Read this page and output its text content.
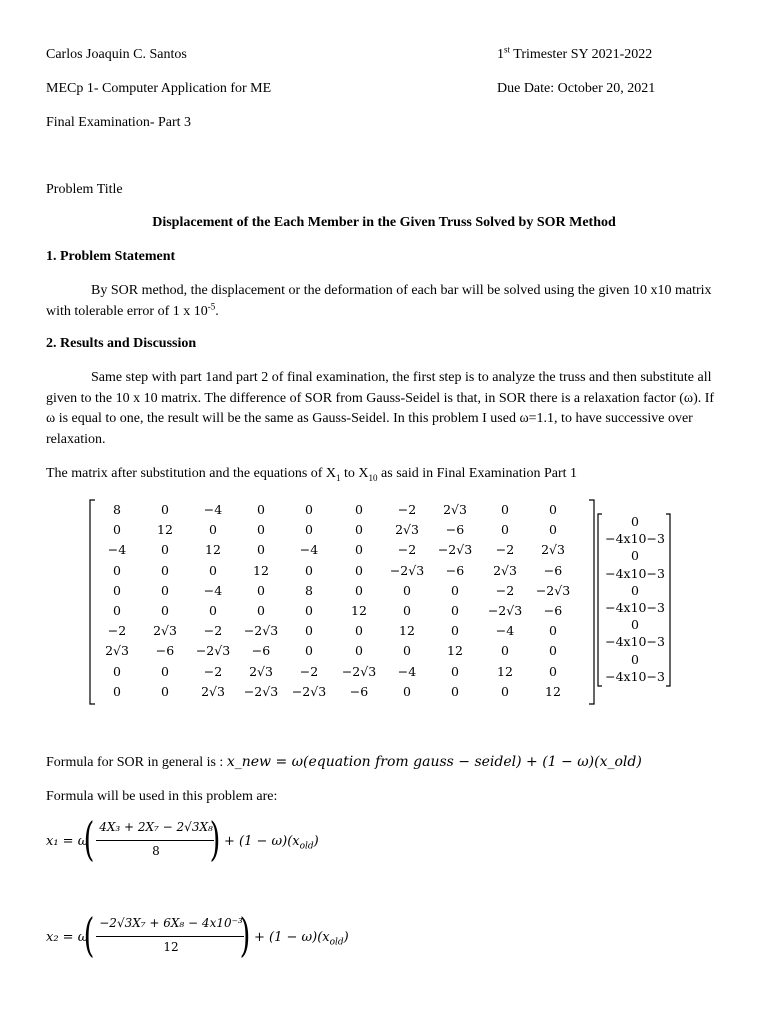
Carlos Joaquin C. Santos	1st Trimester SY 2021-2022
MECp 1- Computer Application for ME	Due Date: October 20, 2021
Final Examination- Part 3
Problem Title
Displacement of the Each Member in the Given Truss Solved by SOR Method
1. Problem Statement
By SOR method, the displacement or the deformation of each bar will be solved using the given 10 x10 matrix with tolerable error of 1 x $10^{-5}$.
2. Results and Discussion
Same step with part 1and part 2 of final examination, the first step is to analyze the truss and then substitute all given to the 10 x 10 matrix. The difference of SOR from Gauss-Seidel is that, in SOR there is a relaxation factor (ω). If ω is equal to one, the result will be the same as Gauss-Seidel. In this problem I used ω=1.1, to have successive over relaxation.
The matrix after substitution and the equations of $X_1$ to $X_{10}$ as said in Final Examination Part 1
8	0	−4	0	0	0	−2	2√3	0	0
0	12	0	0	0	0	2√3	−6	0	0
−4	0	12	0	−4	0	−2	−2√3	−2	2√3
0	0	0	12	0	0	−2√3	−6	2√3	−6
0	0	−4	0	8	0	0	0	−2	−2√3
0	0	0	0	0	12	0	0	−2√3	−6
−2	2√3	−2	−2√3	0	0	12	0	−4	0
2√3	−6	−2√3	−6	0	0	0	12	0	0
0	0	−2	2√3	−2	−2√3	−4	0	12	0
0	0	2√3	−2√3	−2√3	−6	0	0	0	12
0
−4x10−3
0
−4x10−3
0
−4x10−3
0
−4x10−3
0
−4x10−3
Formula for SOR in general is : x_new = ω(equation from gauss − seidel) + (1 − ω)(x_old)
Formula will be used in this problem are:
x₁ = ω
( 4X₃ + 2X₇ − 2√3X₈
8	) + $(1 - \omega)(x_{old})$
x₂ = ω
( −2√3X₇ + 6X₈ − 4x10⁻³
12	) + $(1 - \omega)(x_{old})$
